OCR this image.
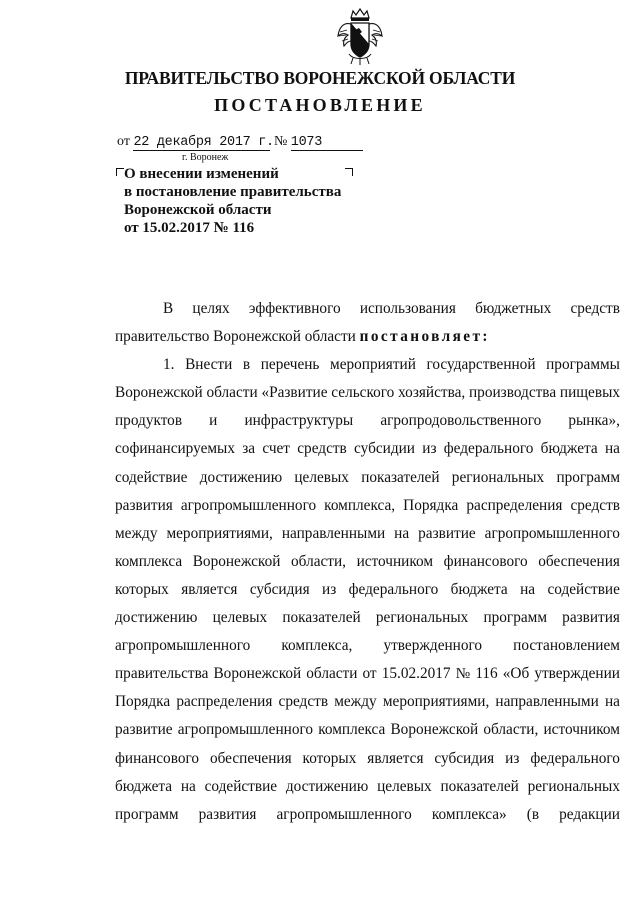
ПРАВИТЕЛЬСТВО ВОРОНЕЖСКОЙ ОБЛАСТИ
ПОСТАНОВЛЕНИЕ
от 22 декабря 2017 г. № 1073
г. Воронеж
О внесении изменений
в постановление правительства
Воронежской области
от 15.02.2017 № 116
В целях эффективного использования бюджетных средств
правительство Воронежской области постановляет:
1. Внести в перечень мероприятий государственной программы
Воронежской области «Развитие сельского хозяйства, производства пищевых
продуктов и инфраструктуры агропродовольственного рынка»,
софинансируемых за счет средств субсидии из федерального бюджета на
содействие достижению целевых показателей региональных программ
развития агропромышленного комплекса, Порядка распределения средств
между мероприятиями, направленными на развитие агропромышленного
комплекса Воронежской области, источником финансового обеспечения
которых является субсидия из федерального бюджета на содействие
достижению целевых показателей региональных программ развития
агропромышленного комплекса, утвержденного постановлением
правительства Воронежской области от 15.02.2017 № 116 «Об утверждении
Порядка распределения средств между мероприятиями, направленными на
развитие агропромышленного комплекса Воронежской области, источником
финансового обеспечения которых является субсидия из федерального
бюджета на содействие достижению целевых показателей региональных
программ развития агропромышленного комплекса» (в редакции
